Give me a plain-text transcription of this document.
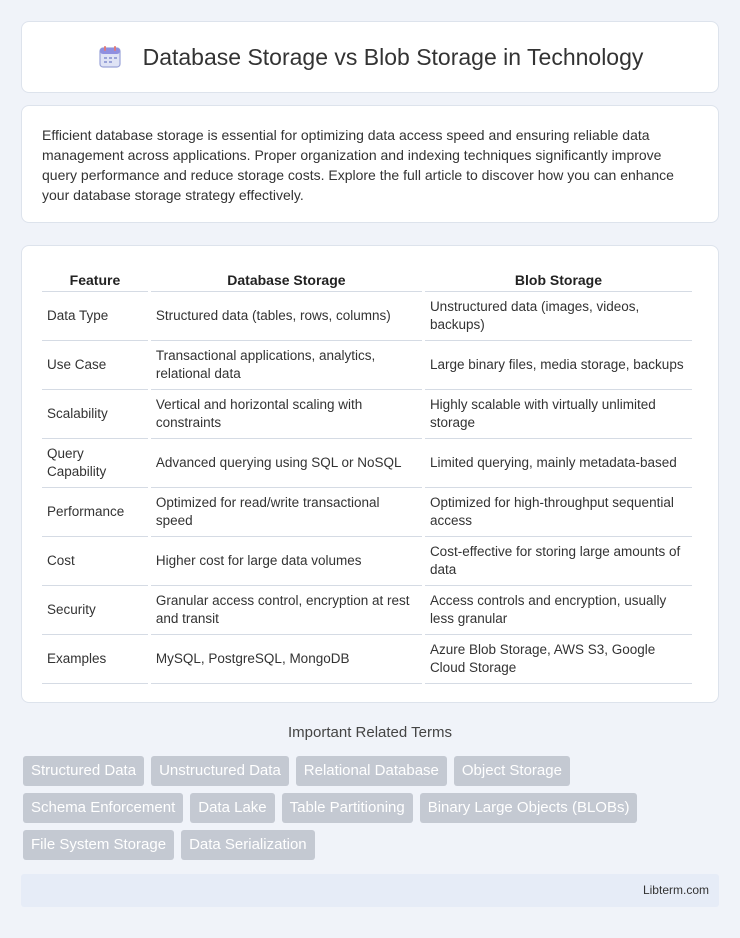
Database Storage vs Blob Storage in Technology

Efficient database storage is essential for optimizing data access speed and ensuring reliable data management across applications. Proper organization and indexing techniques significantly improve query performance and reduce storage costs. Explore the full article to discover how you can enhance your database storage strategy effectively.

Feature	Database Storage	Blob Storage
Data Type	Structured data (tables, rows, columns)	Unstructured data (images, videos, backups)
Use Case	Transactional applications, analytics, relational data	Large binary files, media storage, backups
Scalability	Vertical and horizontal scaling with constraints	Highly scalable with virtually unlimited storage
Query Capability	Advanced querying using SQL or NoSQL	Limited querying, mainly metadata-based
Performance	Optimized for read/write transactional speed	Optimized for high-throughput sequential access
Cost	Higher cost for large data volumes	Cost-effective for storing large amounts of data
Security	Granular access control, encryption at rest and transit	Access controls and encryption, usually less granular
Examples	MySQL, PostgreSQL, MongoDB	Azure Blob Storage, AWS S3, Google Cloud Storage
Important Related Terms
Structured Data	Unstructured Data	Relational Database	Object Storage
Schema Enforcement	Data Lake	Table Partitioning	Binary Large Objects (BLOBs)
File System Storage	Data Serialization
Libterm.com
